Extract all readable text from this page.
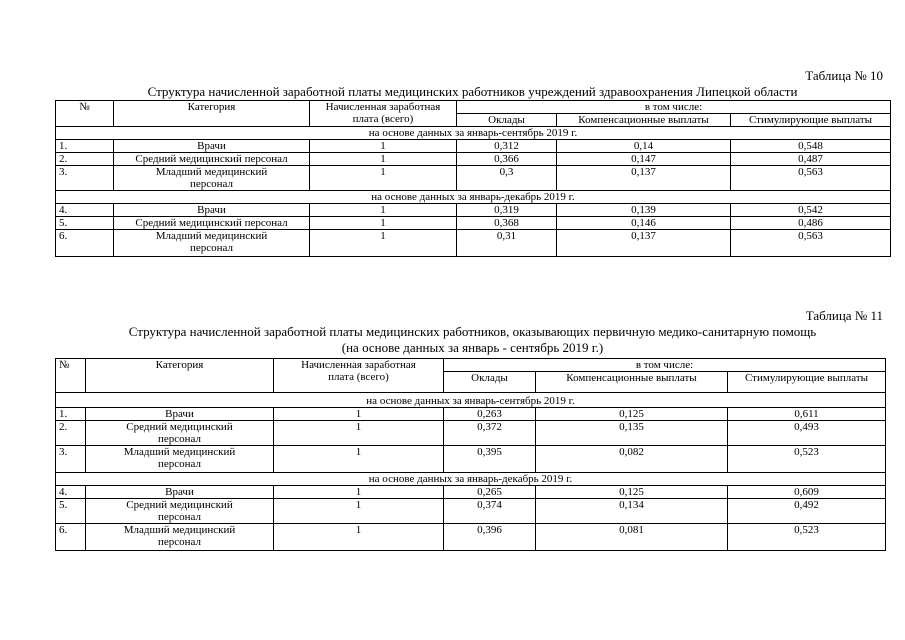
Таблица № 10
Структура начисленной заработной платы медицинских работников учреждений здравоохранения Липецкой области
№	Категория	Начисленная заработная плата (всего)	в том числе:		
			Оклады	Компенсационные выплаты	Стимулирующие выплаты
на основе данных за январь-сентябрь 2019 г.					
1.	Врачи	1	0,312	0,14	0,548
2.	Средний медицинский персонал	1	0,366	0,147	0,487
3.	Младший медицинский персонал	1	0,3	0,137	0,563
на основе данных за январь-декабрь 2019 г.					
4.	Врачи	1	0,319	0,139	0,542
5.	Средний медицинский персонал	1	0,368	0,146	0,486
6.	Младший медицинский персонал	1	0,31	0,137	0,563
Таблица № 11
Структура начисленной заработной платы медицинских работников, оказывающих первичную медико-санитарную помощь
(на основе данных за январь - сентябрь 2019 г.)
№	Категория	Начисленная заработная плата (всего)	в том числе:		
			Оклады	Компенсационные выплаты	Стимулирующие выплаты
на основе данных за январь-сентябрь 2019 г.					
1.	Врачи	1	0,263	0,125	0,611
2.	Средний медицинский персонал	1	0,372	0,135	0,493
3.	Младший медицинский персонал	1	0,395	0,082	0,523
на основе данных за январь-декабрь 2019 г.					
4.	Врачи	1	0,265	0,125	0,609
5.	Средний медицинский персонал	1	0,374	0,134	0,492
6.	Младший медицинский персонал	1	0,396	0,081	0,523
